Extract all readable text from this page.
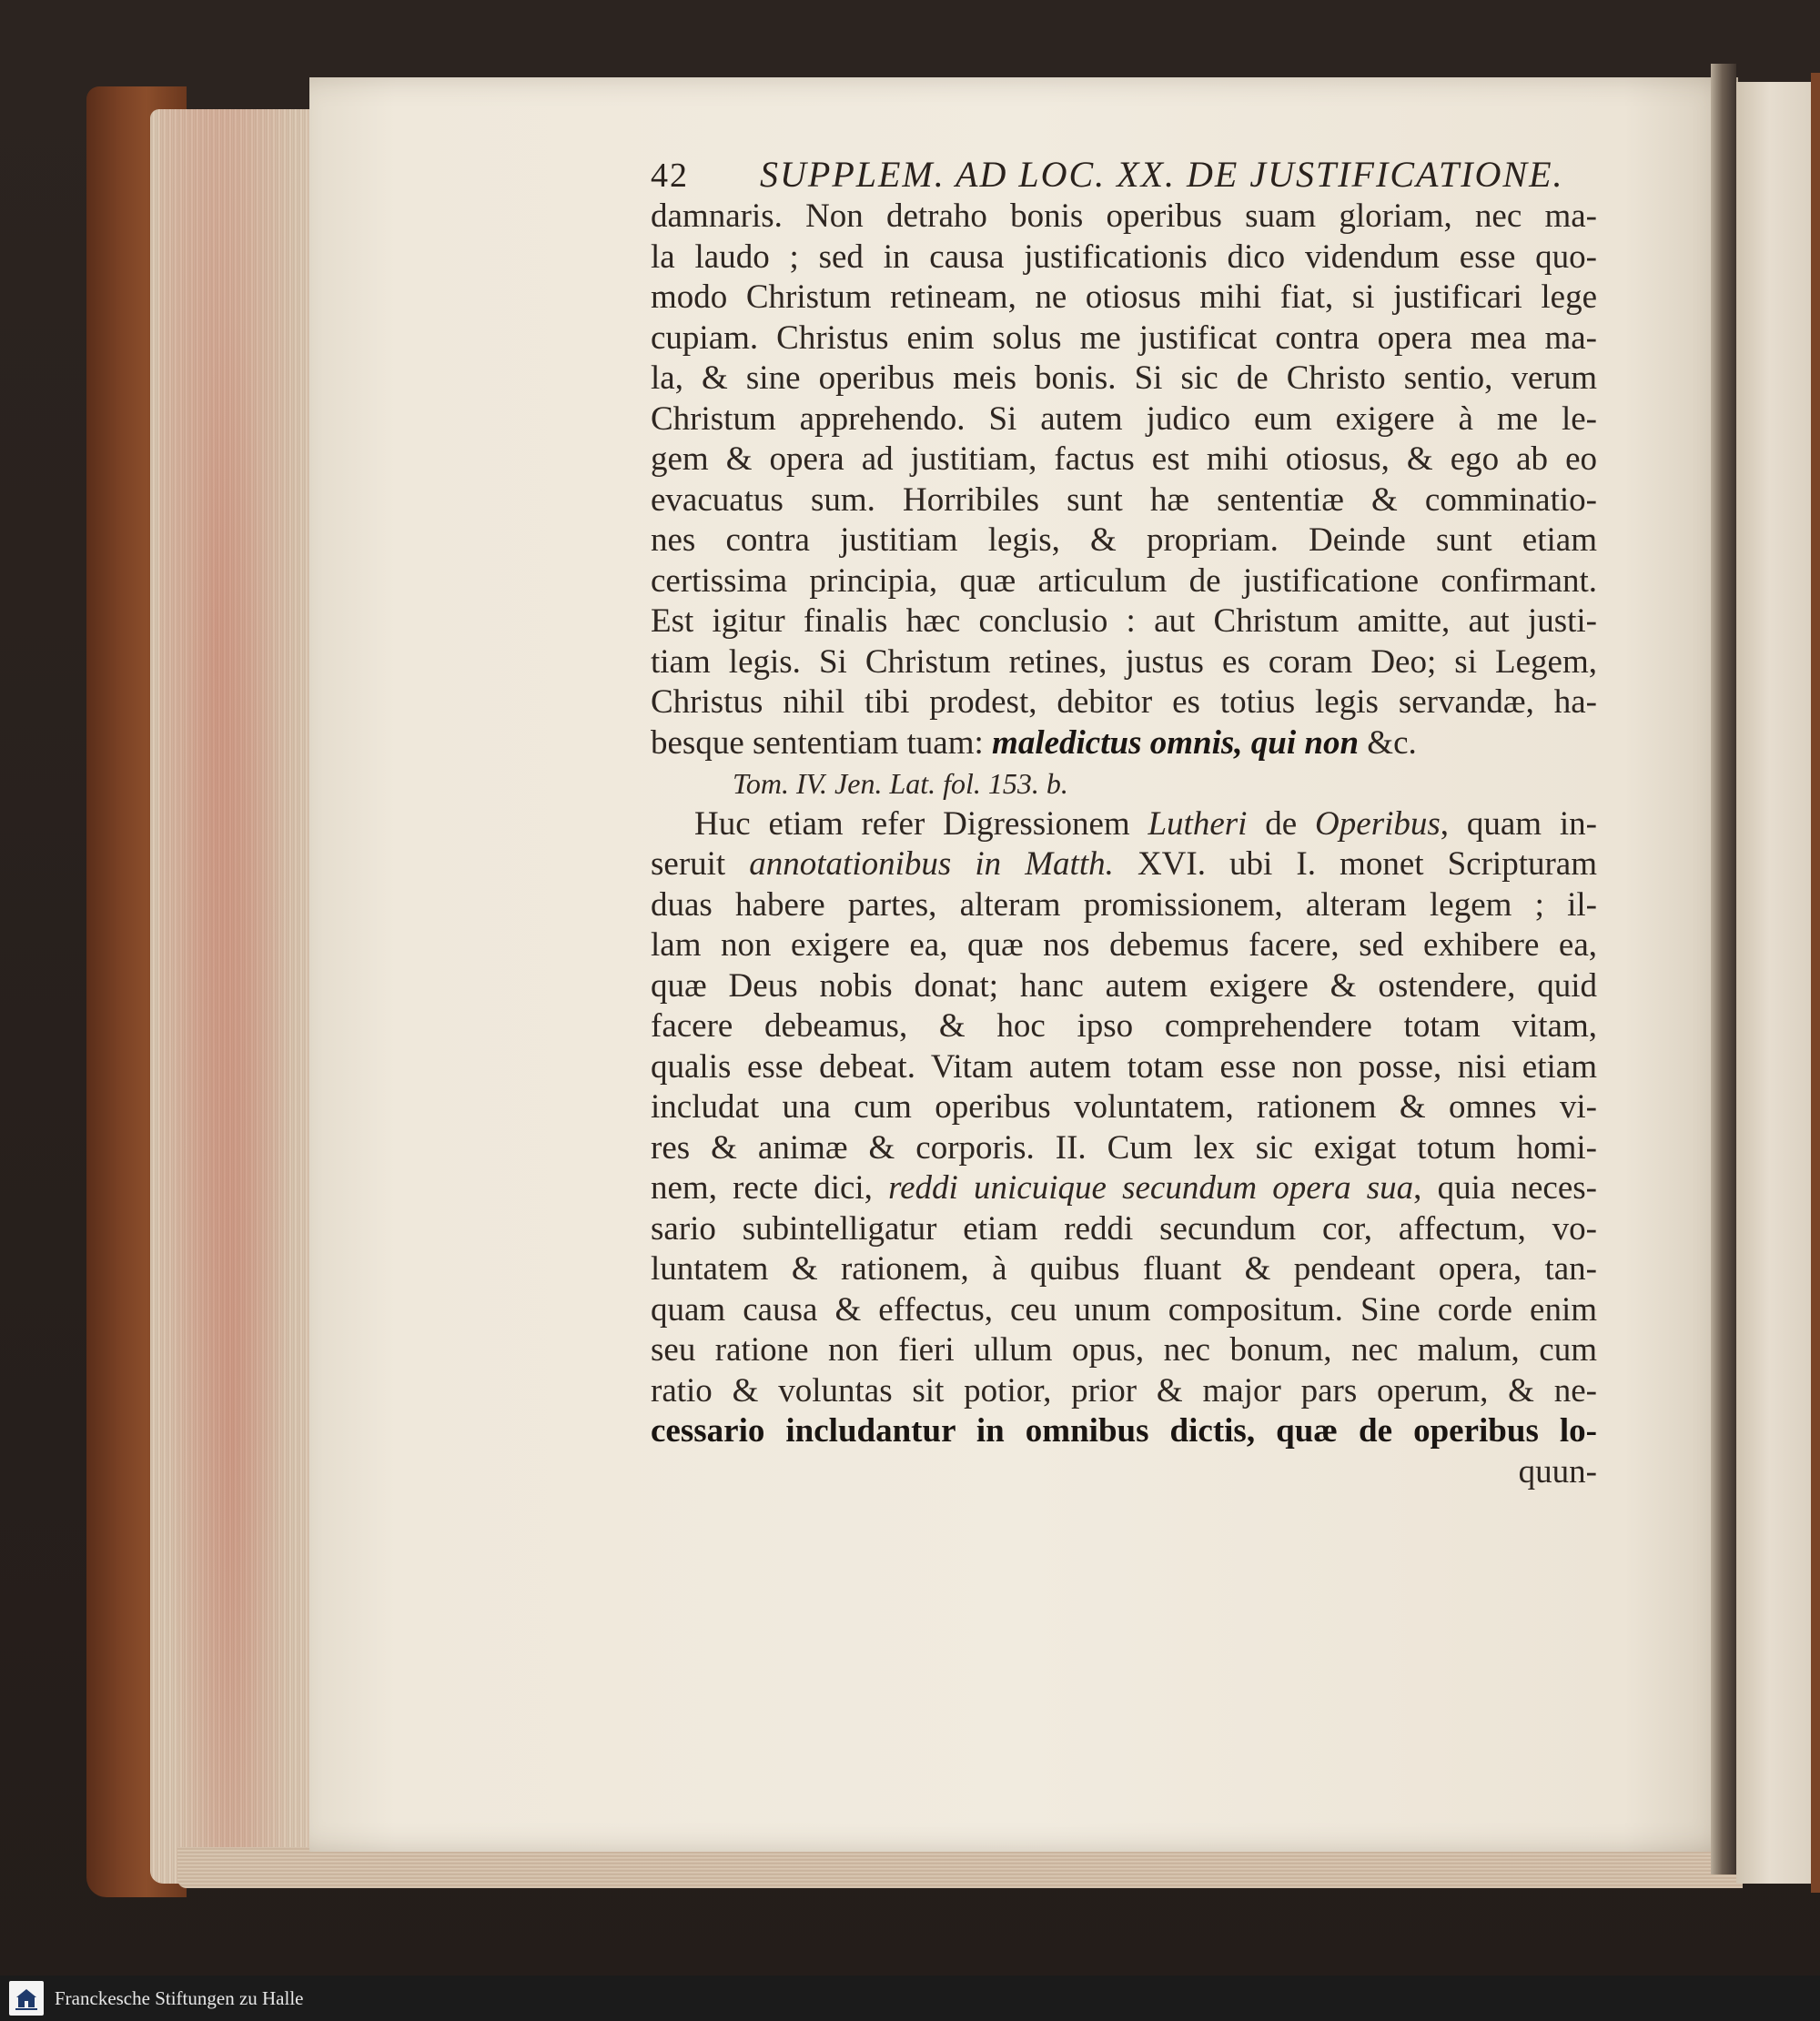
42	SUPPLEM. AD LOC. XX. DE JUSTIFICATIONE.
damnaris. Non detraho bonis operibus suam gloriam, nec ma-
la laudo ; sed in causa justificationis dico videndum esse quo-
modo Christum retineam, ne otiosus mihi fiat, si justificari lege
cupiam. Christus enim solus me justificat contra opera mea ma-
la, & sine operibus meis bonis. Si sic de Christo sentio, verum
Christum apprehendo. Si autem judico eum exigere à me le-
gem & opera ad justitiam, factus est mihi otiosus, & ego ab eo
evacuatus sum. Horribiles sunt hæ sententiæ & comminatio-
nes contra justitiam legis, & propriam. Deinde sunt etiam
certissima principia, quæ articulum de justificatione confirmant.
Est igitur finalis hæc conclusio : aut Christum amitte, aut justi-
tiam legis. Si Christum retines, justus es coram Deo; si Legem,
Christus nihil tibi prodest, debitor es totius legis servandæ, ha-
besque sententiam tuam: maledictus omnis, qui non &c.
Tom. IV. Jen. Lat. fol. 153. b.
Huc etiam refer Digressionem Lutheri de Operibus, quam in-
seruit annotationibus in Matth. XVI. ubi I. monet Scripturam
duas habere partes, alteram promissionem, alteram legem ; il-
lam non exigere ea, quæ nos debemus facere, sed exhibere ea,
quæ Deus nobis donat; hanc autem exigere & ostendere, quid
facere debeamus, & hoc ipso comprehendere totam vitam,
qualis esse debeat. Vitam autem totam esse non posse, nisi etiam
includat una cum operibus voluntatem, rationem & omnes vi-
res & animæ & corporis. II. Cum lex sic exigat totum homi-
nem, recte dici, reddi unicuique secundum opera sua, quia neces-
sario subintelligatur etiam reddi secundum cor, affectum, vo-
luntatem & rationem, à quibus fluant & pendeant opera, tan-
quam causa & effectus, ceu unum compositum. Sine corde enim
seu ratione non fieri ullum opus, nec bonum, nec malum, cum
ratio & voluntas sit potior, prior & major pars operum, & ne-
cessario includantur in omnibus dictis, quæ de operibus lo-
quun-
Franckesche Stiftungen zu Halle
